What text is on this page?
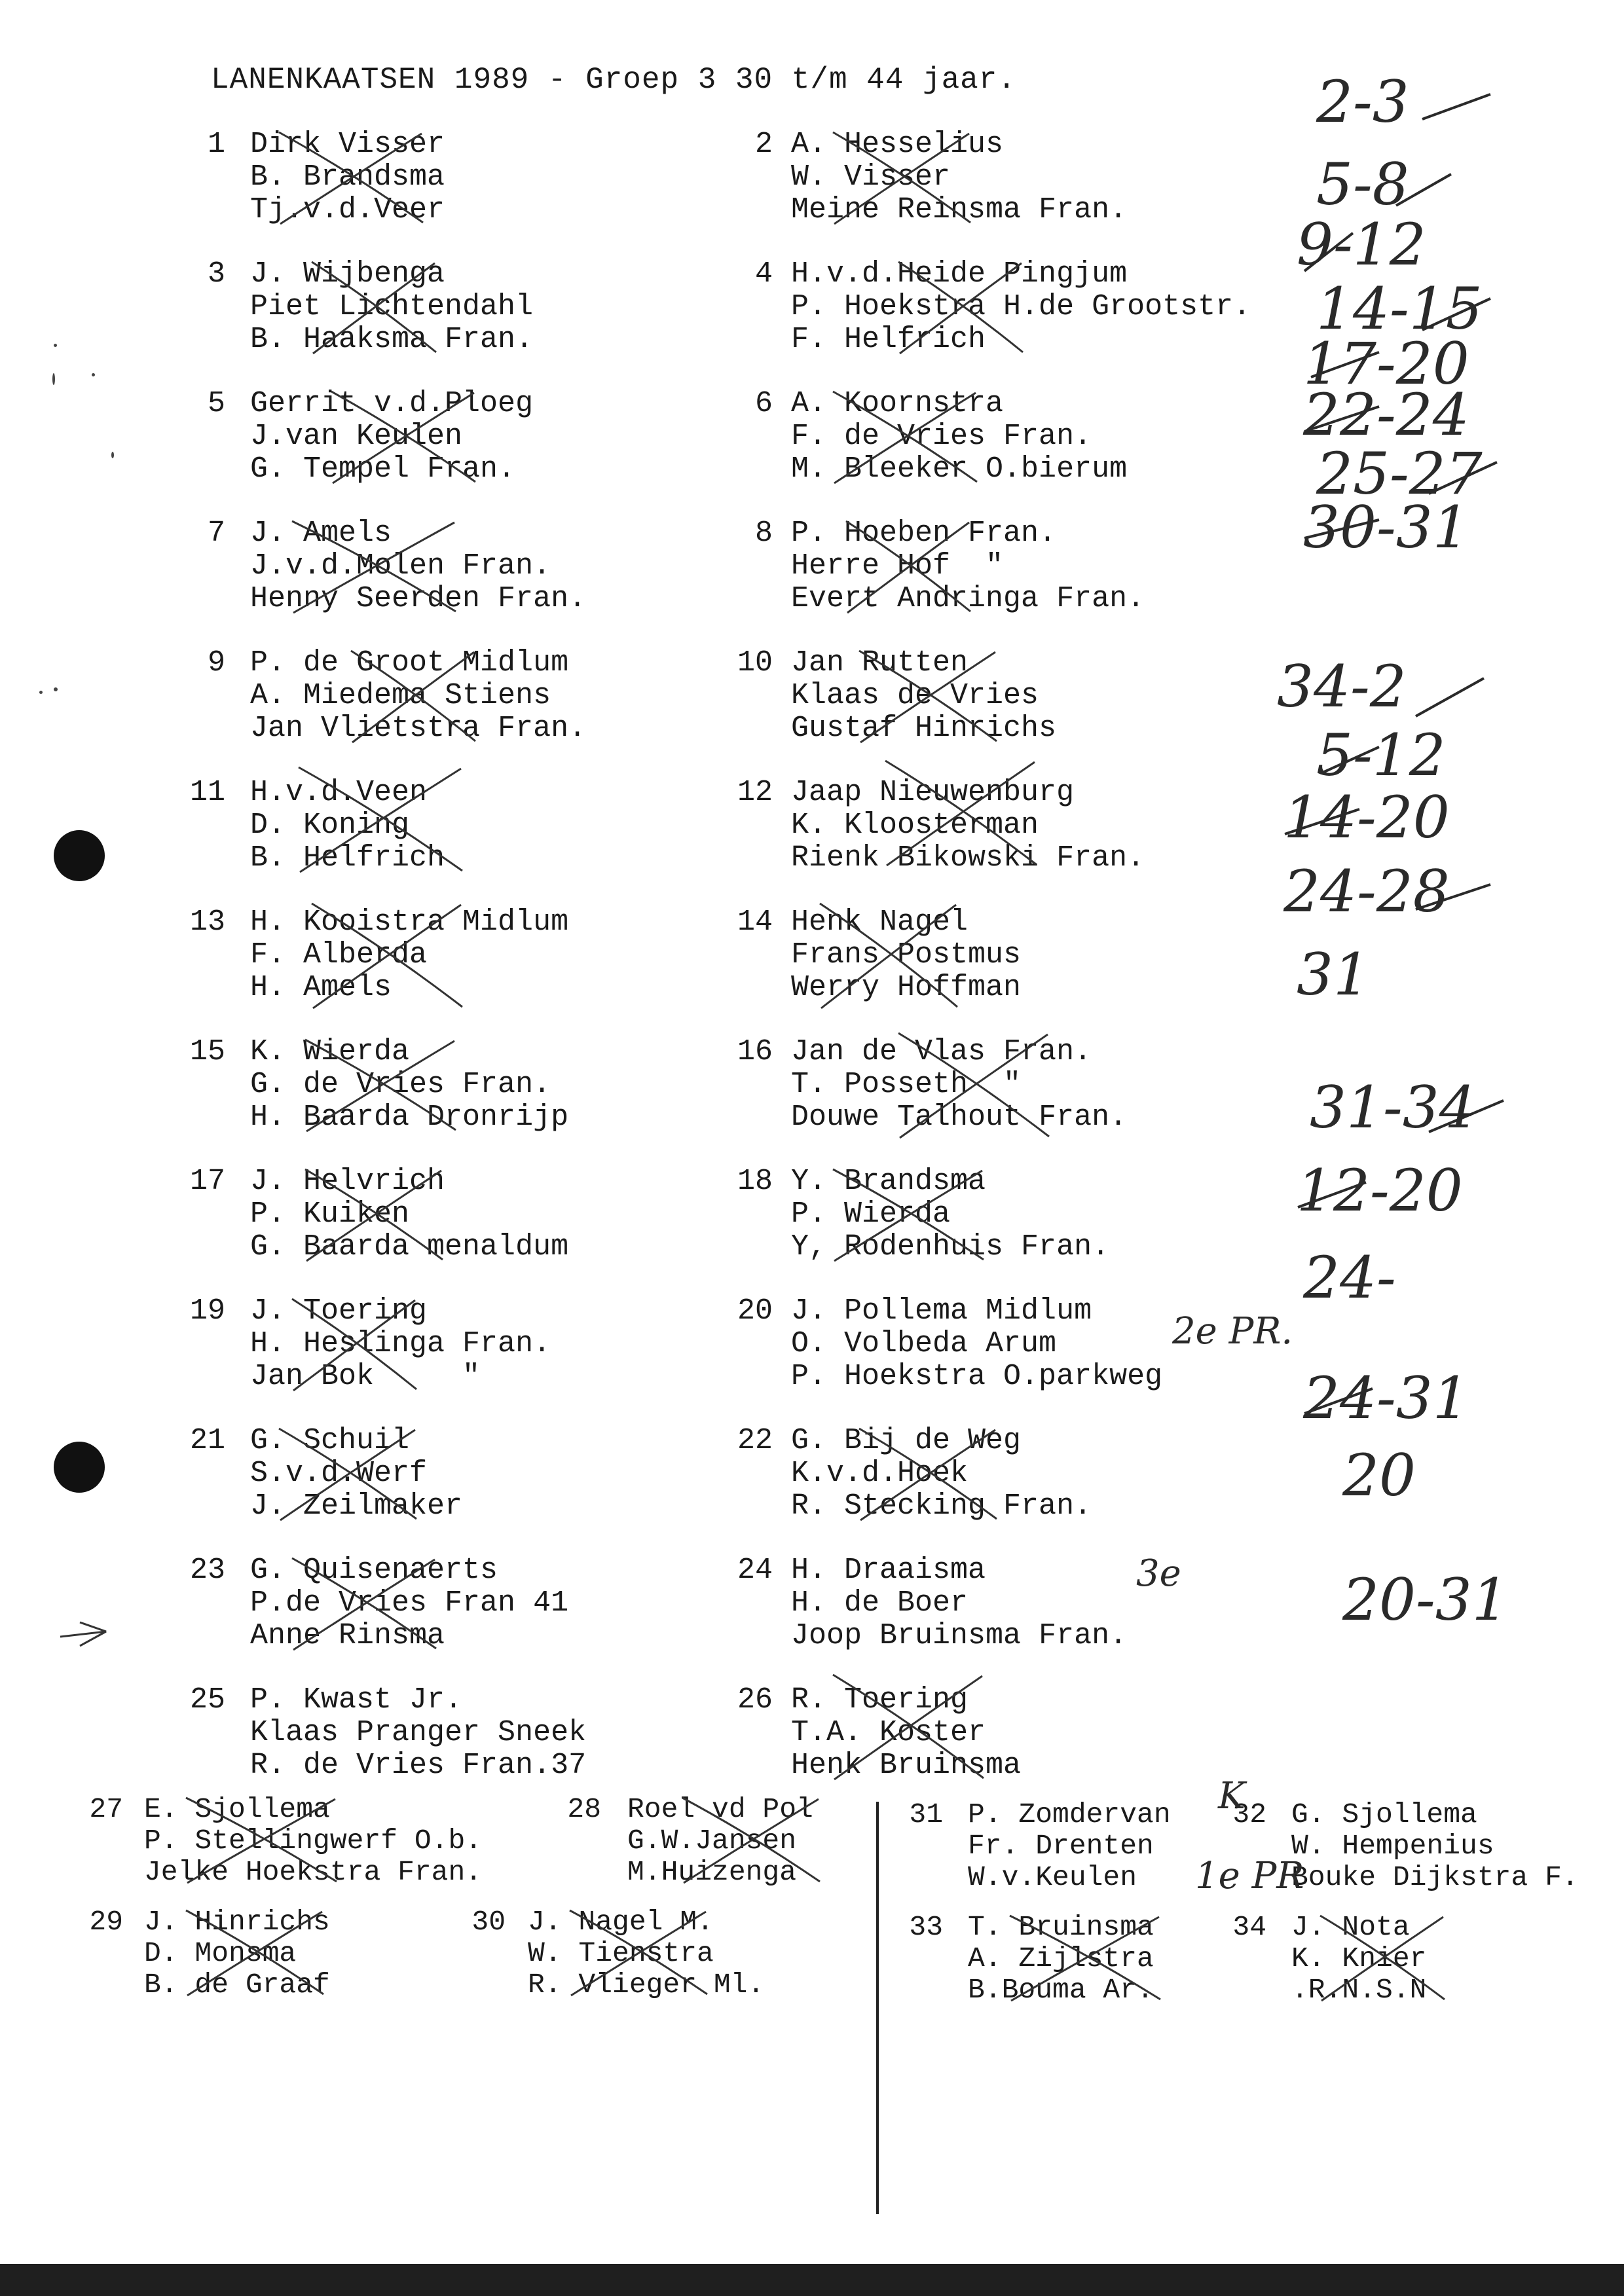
LANENKAATSEN 1989 - Groep 3 30 t/m 44 jaar.
1 Dirk Visser
B. Brandsma
Tj.v.d.Veer
2 A. Hesselius
W. Visser
Meine Reinsma Fran.
3 J. Wijbenga
Piet Lichtendahl
B. Haaksma Fran.
4 H.v.d.Heide Pingjum
P. Hoekstra H.de Grootstr.
F. Helfrich
5 Gerrit v.d.Ploeg
J.van Keulen
G. Tempel Fran.
6 A. Koornstra
F. de Vries Fran.
M. Bleeker O.bierum
7 J. Amels
J.v.d.Molen Fran.
Henny Seerden Fran.
8 P. Hoeben Fran.
Herre Hof  "
Evert Andringa Fran.
9 P. de Groot Midlum
A. Miedema Stiens
Jan Vlietstra Fran.
10 Jan Rutten
Klaas de Vries
Gustaf Hinrichs
11 H.v.d.Veen
D. Koning
B. Helfrich
12 Jaap Nieuwenburg
K. Kloosterman
Rienk Bikowski Fran.
13 H. Kooistra Midlum
F. Alberda
H. Amels
14 Henk Nagel
Frans Postmus
Werry Hoffman
15 K. Wierda
G. de Vries Fran.
H. Baarda Dronrijp
16 Jan de Vlas Fran.
T. Posseth  "
Douwe Talhout Fran.
17 J. Helvrich
P. Kuiken
G. Baarda menaldum
18 Y. Brandsma
P. Wierda
Y, Rodenhuis Fran.
19 J. Toering
H. Heslinga Fran.
Jan Bok     "
20 J. Pollema Midlum
O. Volbeda Arum
P. Hoekstra O.parkweg
21 G. Schuil
S.v.d.Werf
J. Zeilmaker
22 G. Bij de Weg
K.v.d.Hoek
R. Stecking Fran.
23 G. Quisenaerts
P.de Vries Fran 41
Anne Rinsma
24 H. Draaisma
H. de Boer
Joop Bruinsma Fran.
25 P. Kwast Jr.
Klaas Pranger Sneek
R. de Vries Fran.37
26 R. Toering
T.A. Koster
Henk Bruinsma
27 E. Sjollema
P. Stellingwerf O.b.
Jelke Hoekstra Fran.
28 Roel vd Pol
G.W.Jansen
M.Huizenga
29 J. Hinrichs
D. Monsma
B. de Graaf
30 J. Nagel M.
W. Tienstra
R. Vlieger Ml.
31 P. Zomdervan
Fr. Drenten
W.v.Keulen
32 G. Sjollema
W. Hempenius
Bouke Dijkstra F.
33 T. Bruinsma
A. Zijlstra
B.Bouma Ar.
34 J. Nota
K. Knier
.R.N.S.N
2-3
5-8
9-12
14-15
17-20
22-24
25-27
30-31
34-2
5-12
14-20
24-28
31
31-34
12-20
24-
24-31
20
20-31
2e PR.
3e
K
1e PR
